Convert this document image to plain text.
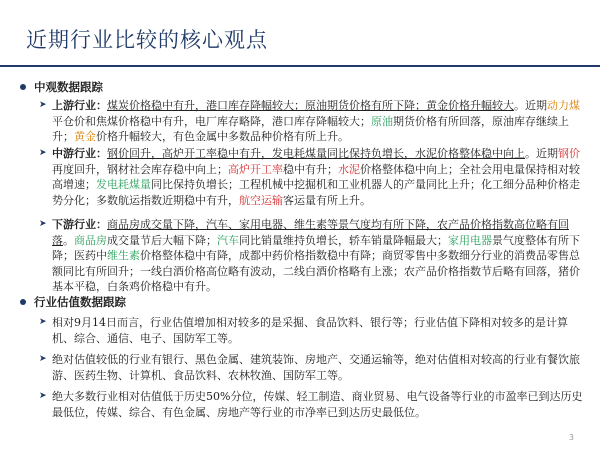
近期行业比较的核心观点
中观数据跟踪
➤ 上游行业：煤炭价格稳中有升，港口库存降幅较大；原油期货价格有所下降；黄金价格升幅较大。近期动力煤平仓价和焦煤价格稳中有升，电厂库存略降，港口库存降幅较大；原油期货价格有所回落，原油库存继续上升；黄金价格升幅较大，有色金属中多数品种价格有所上升。
➤ 中游行业：钢价回升，高炉开工率稳中有升，发电耗煤量同比保持负增长，水泥价格整体稳中向上。近期钢价再度回升，钢材社会库存稳中向上；高炉开工率稳中有升；水泥价格整体稳中向上；全社会用电量保持相对较高增速；发电耗煤量同比保持负增长；工程机械中挖掘机和工业机器人的产量同比上升；化工细分品种价格走势分化；多数航运指数近期稳中有升，航空运输客运量有所上升。
➤ 下游行业：商品房成交量下降，汽车、家用电器、维生素等景气度均有所下降，农产品价格指数高位略有回落。商品房成交量节后大幅下降；汽车同比销量维持负增长，轿车销量降幅最大；家用电器景气度整体有所下降；医药中维生素价格整体稳中有降，成都中药价格指数稳中有降；商贸零售中多数细分行业的消费品零售总额同比有所回升；一线白酒价格高位略有波动，二线白酒价格略有上涨；农产品价格指数节后略有回落，猪价基本平稳，白条鸡价格稳中有升。
行业估值数据跟踪
➤ 相对9月14日而言，行业估值增加相对较多的是采掘、食品饮料、银行等；行业估值下降相对较多的是计算机、综合、通信、电子、国防军工等。
➤ 绝对估值较低的行业有银行、黑色金属、建筑装饰、房地产、交通运输等，绝对估值相对较高的行业有餐饮旅游、医药生物、计算机、食品饮料、农林牧渔、国防军工等。
➤ 绝大多数行业相对估值低于历史50%分位，传媒、轻工制造、商业贸易、电气设备等行业的市盈率已到达历史最低位，传媒、综合、有色金属、房地产等行业的市净率已到达历史最低位。
3
